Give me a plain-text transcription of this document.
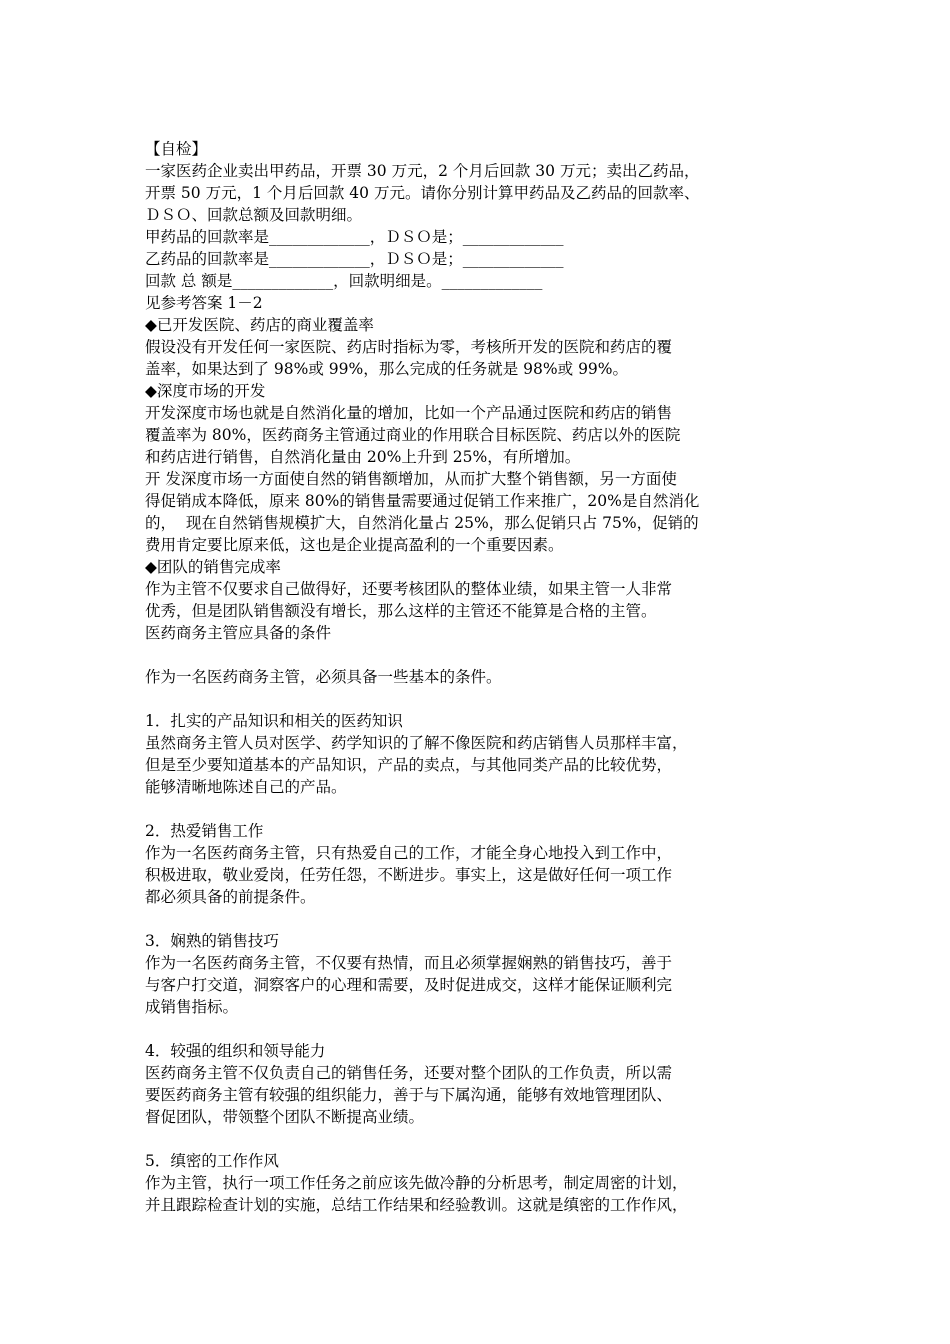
【自检】
一家医药企业卖出甲药品，开票 30 万元，2 个月后回款 30 万元；卖出乙药品，
开票 50 万元，1 个月后回款 40 万元。请你分别计算甲药品及乙药品的回款率、
ＤＳＯ、回款总额及回款明细。
甲药品的回款率是_____________，ＤＳＯ是；_____________
乙药品的回款率是_____________，ＤＳＯ是；_____________
回款 总 额是_____________，回款明细是。_____________
见参考答案 1－2
◆已开发医院、药店的商业覆盖率
假设没有开发任何一家医院、药店时指标为零，考核所开发的医院和药店的覆
盖率，如果达到了 98%或 99%，那么完成的任务就是 98%或 99%。
◆深度市场的开发
开发深度市场也就是自然消化量的增加，比如一个产品通过医院和药店的销售
覆盖率为 80%，医药商务主管通过商业的作用联合目标医院、药店以外的医院
和药店进行销售，自然消化量由 20%上升到 25%，有所增加。
开 发深度市场一方面使自然的销售额增加，从而扩大整个销售额，另一方面使
得促销成本降低，原来 80%的销售量需要通过促销工作来推广，20%是自然消化
的，  现在自然销售规模扩大，自然消化量占 25%，那么促销只占 75%，促销的
费用肯定要比原来低，这也是企业提高盈利的一个重要因素。
◆团队的销售完成率
作为主管不仅要求自己做得好，还要考核团队的整体业绩，如果主管一人非常
优秀，但是团队销售额没有增长，那么这样的主管还不能算是合格的主管。
医药商务主管应具备的条件
作为一名医药商务主管，必须具备一些基本的条件。
1．扎实的产品知识和相关的医药知识
虽然商务主管人员对医学、药学知识的了解不像医院和药店销售人员那样丰富，
但是至少要知道基本的产品知识，产品的卖点，与其他同类产品的比较优势，
能够清晰地陈述自己的产品。
2．热爱销售工作
作为一名医药商务主管，只有热爱自己的工作，才能全身心地投入到工作中，
积极进取，敬业爱岗，任劳任怨，不断进步。事实上，这是做好任何一项工作
都必须具备的前提条件。
3．娴熟的销售技巧
作为一名医药商务主管，不仅要有热情，而且必须掌握娴熟的销售技巧，善于
与客户打交道，洞察客户的心理和需要，及时促进成交，这样才能保证顺利完
成销售指标。
4．较强的组织和领导能力
医药商务主管不仅负责自己的销售任务，还要对整个团队的工作负责，所以需
要医药商务主管有较强的组织能力，善于与下属沟通，能够有效地管理团队、
督促团队，带领整个团队不断提高业绩。
5．缜密的工作作风
作为主管，执行一项工作任务之前应该先做冷静的分析思考，制定周密的计划，
并且跟踪检查计划的实施，总结工作结果和经验教训。这就是缜密的工作作风，
